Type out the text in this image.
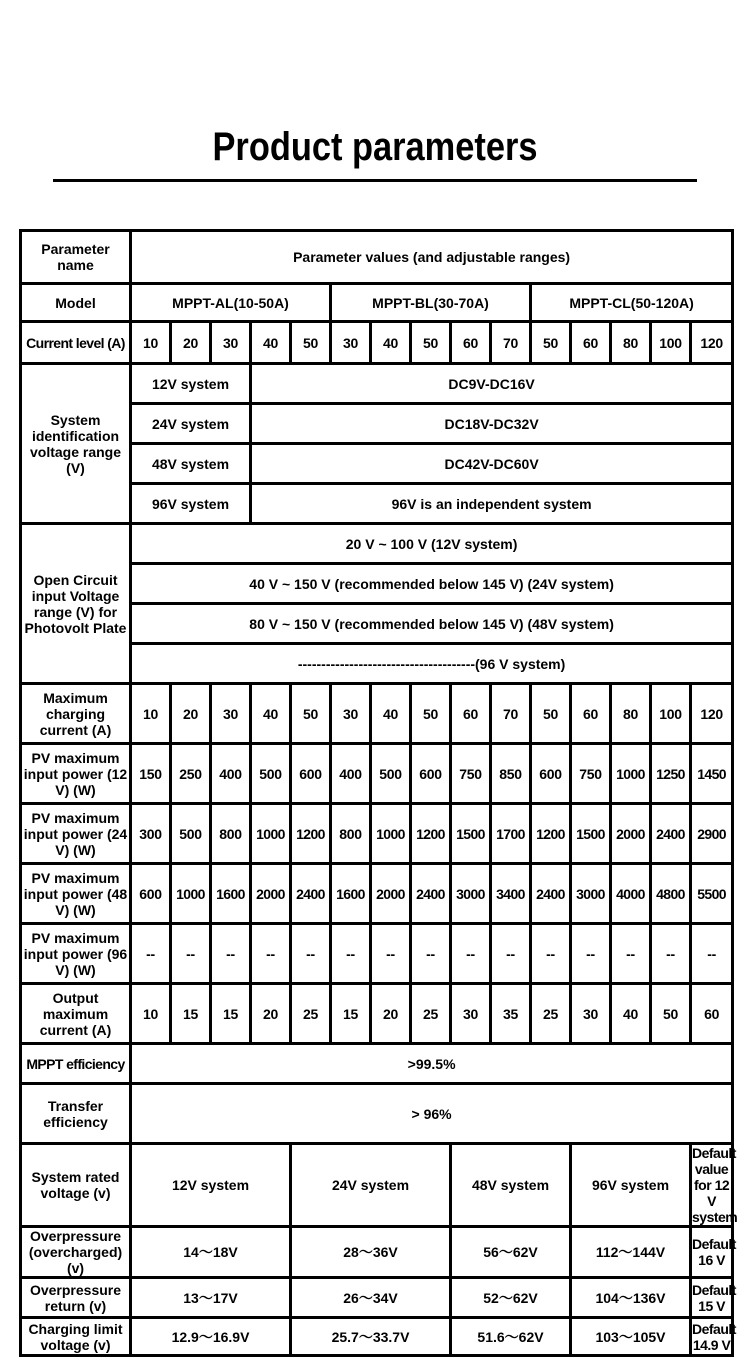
Product parameters
Parameter name	Parameter values (and adjustable ranges)														
Model	MPPT-AL(10-50A)					MPPT-BL(30-70A)					MPPT-CL(50-120A)				
Current level (A)	10	20	30	40	50	30	40	50	60	70	50	60	80	100	120
System identification voltage range (V)	12V system			DC9V-DC16V											
	24V system			DC18V-DC32V											
	48V system			DC42V-DC60V											
	96V system			96V is an independent system											
Open Circuit input Voltage range (V) for Photovolt Plate	20 V ~ 100 V (12V system)														
	40 V ~ 150 V (recommended below 145 V) (24V system)														
	80 V ~ 150 V (recommended below 145 V) (48V system)														
	--------------------------------------(96 V system)														
Maximum charging current (A)	10	20	30	40	50	30	40	50	60	70	50	60	80	100	120
PV maximum input power (12 V) (W)	150	250	400	500	600	400	500	600	750	850	600	750	1000	1250	1450
PV maximum input power (24 V) (W)	300	500	800	1000	1200	800	1000	1200	1500	1700	1200	1500	2000	2400	2900
PV maximum input power (48 V) (W)	600	1000	1600	2000	2400	1600	2000	2400	3000	3400	2400	3000	4000	4800	5500
PV maximum input power (96 V) (W)	--	--	--	--	--	--	--	--	--	--	--	--	--	--	--
Output maximum current (A)	10	15	15	20	25	15	20	25	30	35	25	30	40	50	60
MPPT efficiency	>99.5%														
Transfer efficiency	> 96%														
System rated voltage (v)	12V system				24V system				48V system			96V system			Default value for 12 V system
Overpressure (overcharged) (v)	14～18V				28～36V				56～62V			112～144V			Default 16 V
Overpressure return (v)	13～17V				26～34V				52～62V			104～136V			Default 15 V
Charging limit voltage (v)	12.9～16.9V				25.7～33.7V				51.6～62V			103～105V			Default 14.9 V
